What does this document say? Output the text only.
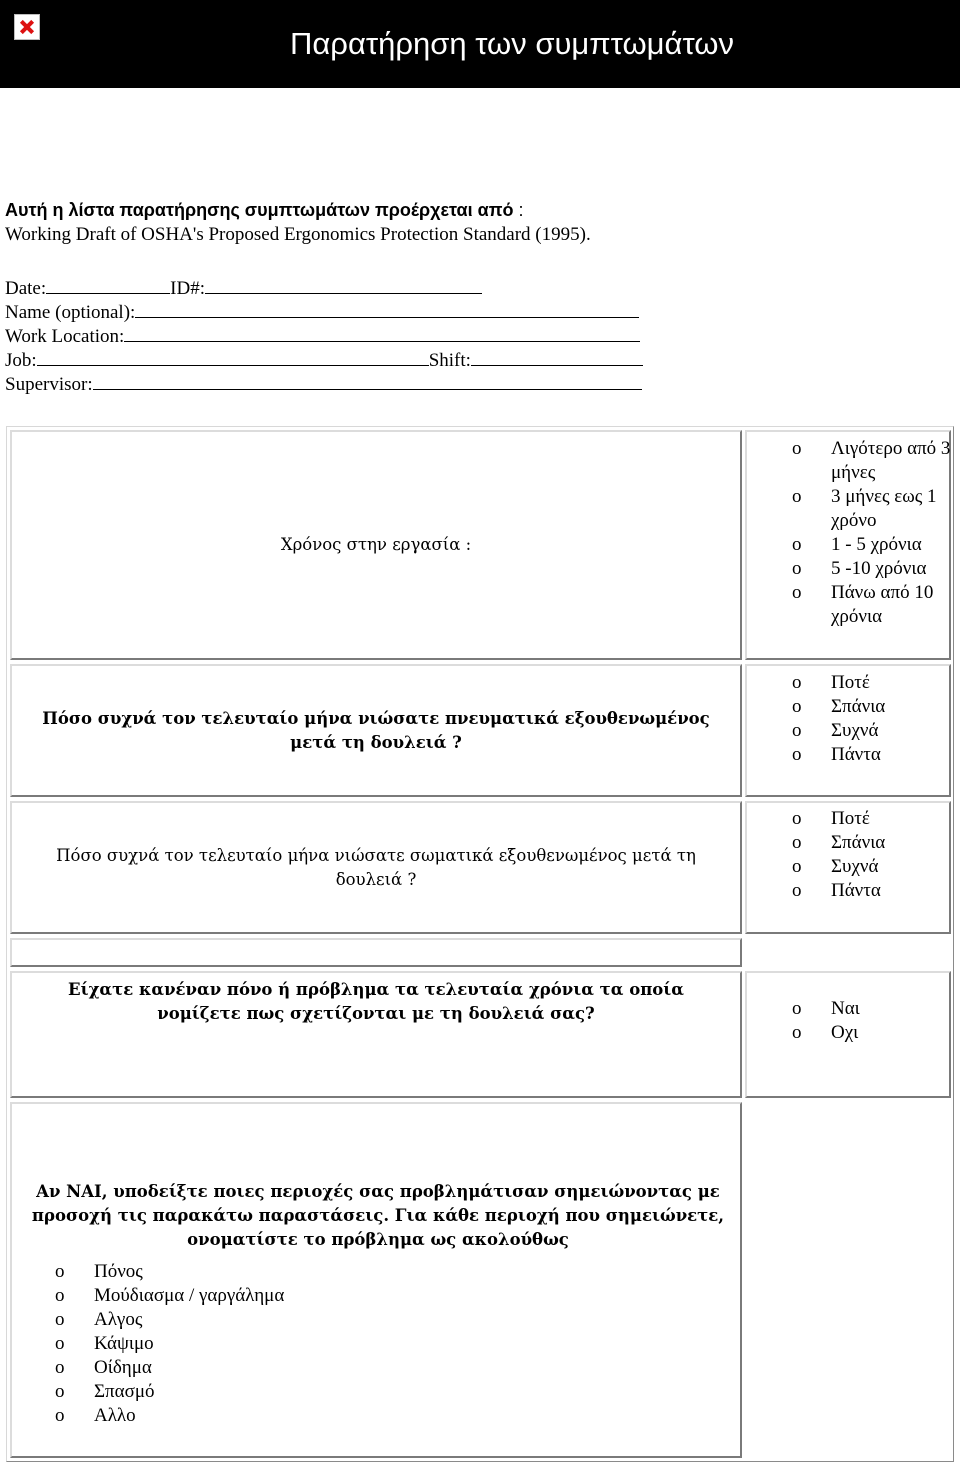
Παρατήρηση των συμπτωμάτων
Αυτή η λίστα παρατήρησης συμπτωμάτων προέρχεται από :
Working Draft of OSHA's Proposed Ergonomics Protection Standard (1995).
Date:	ID#:
Name (optional):
Work Location:
Job:	Shift:
Supervisor:
Χρόνος στην εργασία :
o Λιγότερο από 3 μήνες
o 3 μήνες εως 1 χρόνο
o 1 - 5 χρόνια
o 5 -10 χρόνια
o Πάνω από 10 χρόνια
Πόσο συχνά τον τελευταίο μήνα νιώσατε πνευματικά εξουθενωμένος μετά τη δουλειά ?
o Ποτέ
o Σπάνια
o Συχνά
o Πάντα
Πόσο συχνά τον τελευταίο μήνα νιώσατε σωματικά εξουθενωμένος μετά τη δουλειά ?
o Ποτέ
o Σπάνια
o Συχνά
o Πάντα
Είχατε κανέναν πόνο ή πρόβλημα τα τελευταία χρόνια τα οποία νομίζετε πως σχετίζονται με τη δουλειά σας?	o Ναι
o Οχι
Αν ΝΑΙ, υποδείξτε ποιες περιοχές σας προβλημάτισαν σημειώνοντας με προσοχή τις παρακάτω παραστάσεις. Για κάθε περιοχή που σημειώνετε, ονοματίστε το πρόβλημα ως ακολούθως
o Πόνος
o Μούδιασμα / γαργάλημα
o Αλγος
o Κάψιμο
o Οίδημα
o Σπασμό
o Αλλο
